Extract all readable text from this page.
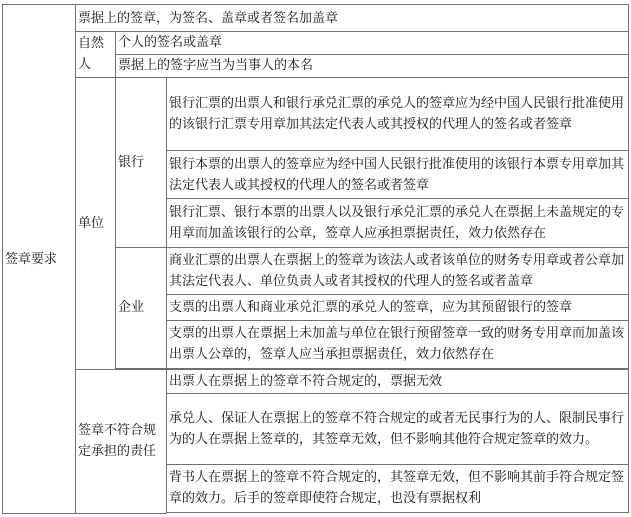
签章要求	票据上的签章，为签名、盖章或者签名加盖章		
	自然人	个人的签名或盖章	
		票据上的签字应当为当事人的本名	
	单位	银行	银行汇票的出票人和银行承兑汇票的承兑人的签章应为经中国人民银行批准使用的该银行汇票专用章加其法定代表人或其授权的代理人的签名或者签章
			银行本票的出票人的签章应为经中国人民银行批准使用的该银行本票专用章加其法定代表人或其授权的代理人的签名或者签章
			银行汇票、银行本票的出票人以及银行承兑汇票的承兑人在票据上未盖规定的专用章而加盖该银行的公章，签章人应承担票据责任，效力依然存在
		企业	商业汇票的出票人在票据上的签章为该法人或者该单位的财务专用章或者公章加其法定代表人、单位负责人或者其授权的代理人的签名或者盖章
			支票的出票人和商业承兑汇票的承兑人的签章，应为其预留银行的签章
			支票的出票人在票据上未加盖与单位在银行预留签章一致的财务专用章而加盖该出票人公章的，签章人应当承担票据责任，效力依然存在

	签章不符合规定承担的责任		出票人在票据上的签章不符合规定的，票据无效
			承兑人、保证人在票据上的签章不符合规定的或者无民事行为的人、限制民事行为的人在票据上签章的，其签章无效，但不影响其他符合规定签章的效力。
			背书人在票据上的签章不符合规定的，其签章无效，但不影响其前手符合规定签章的效力。后手的签章即使符合规定，也没有票据权利
